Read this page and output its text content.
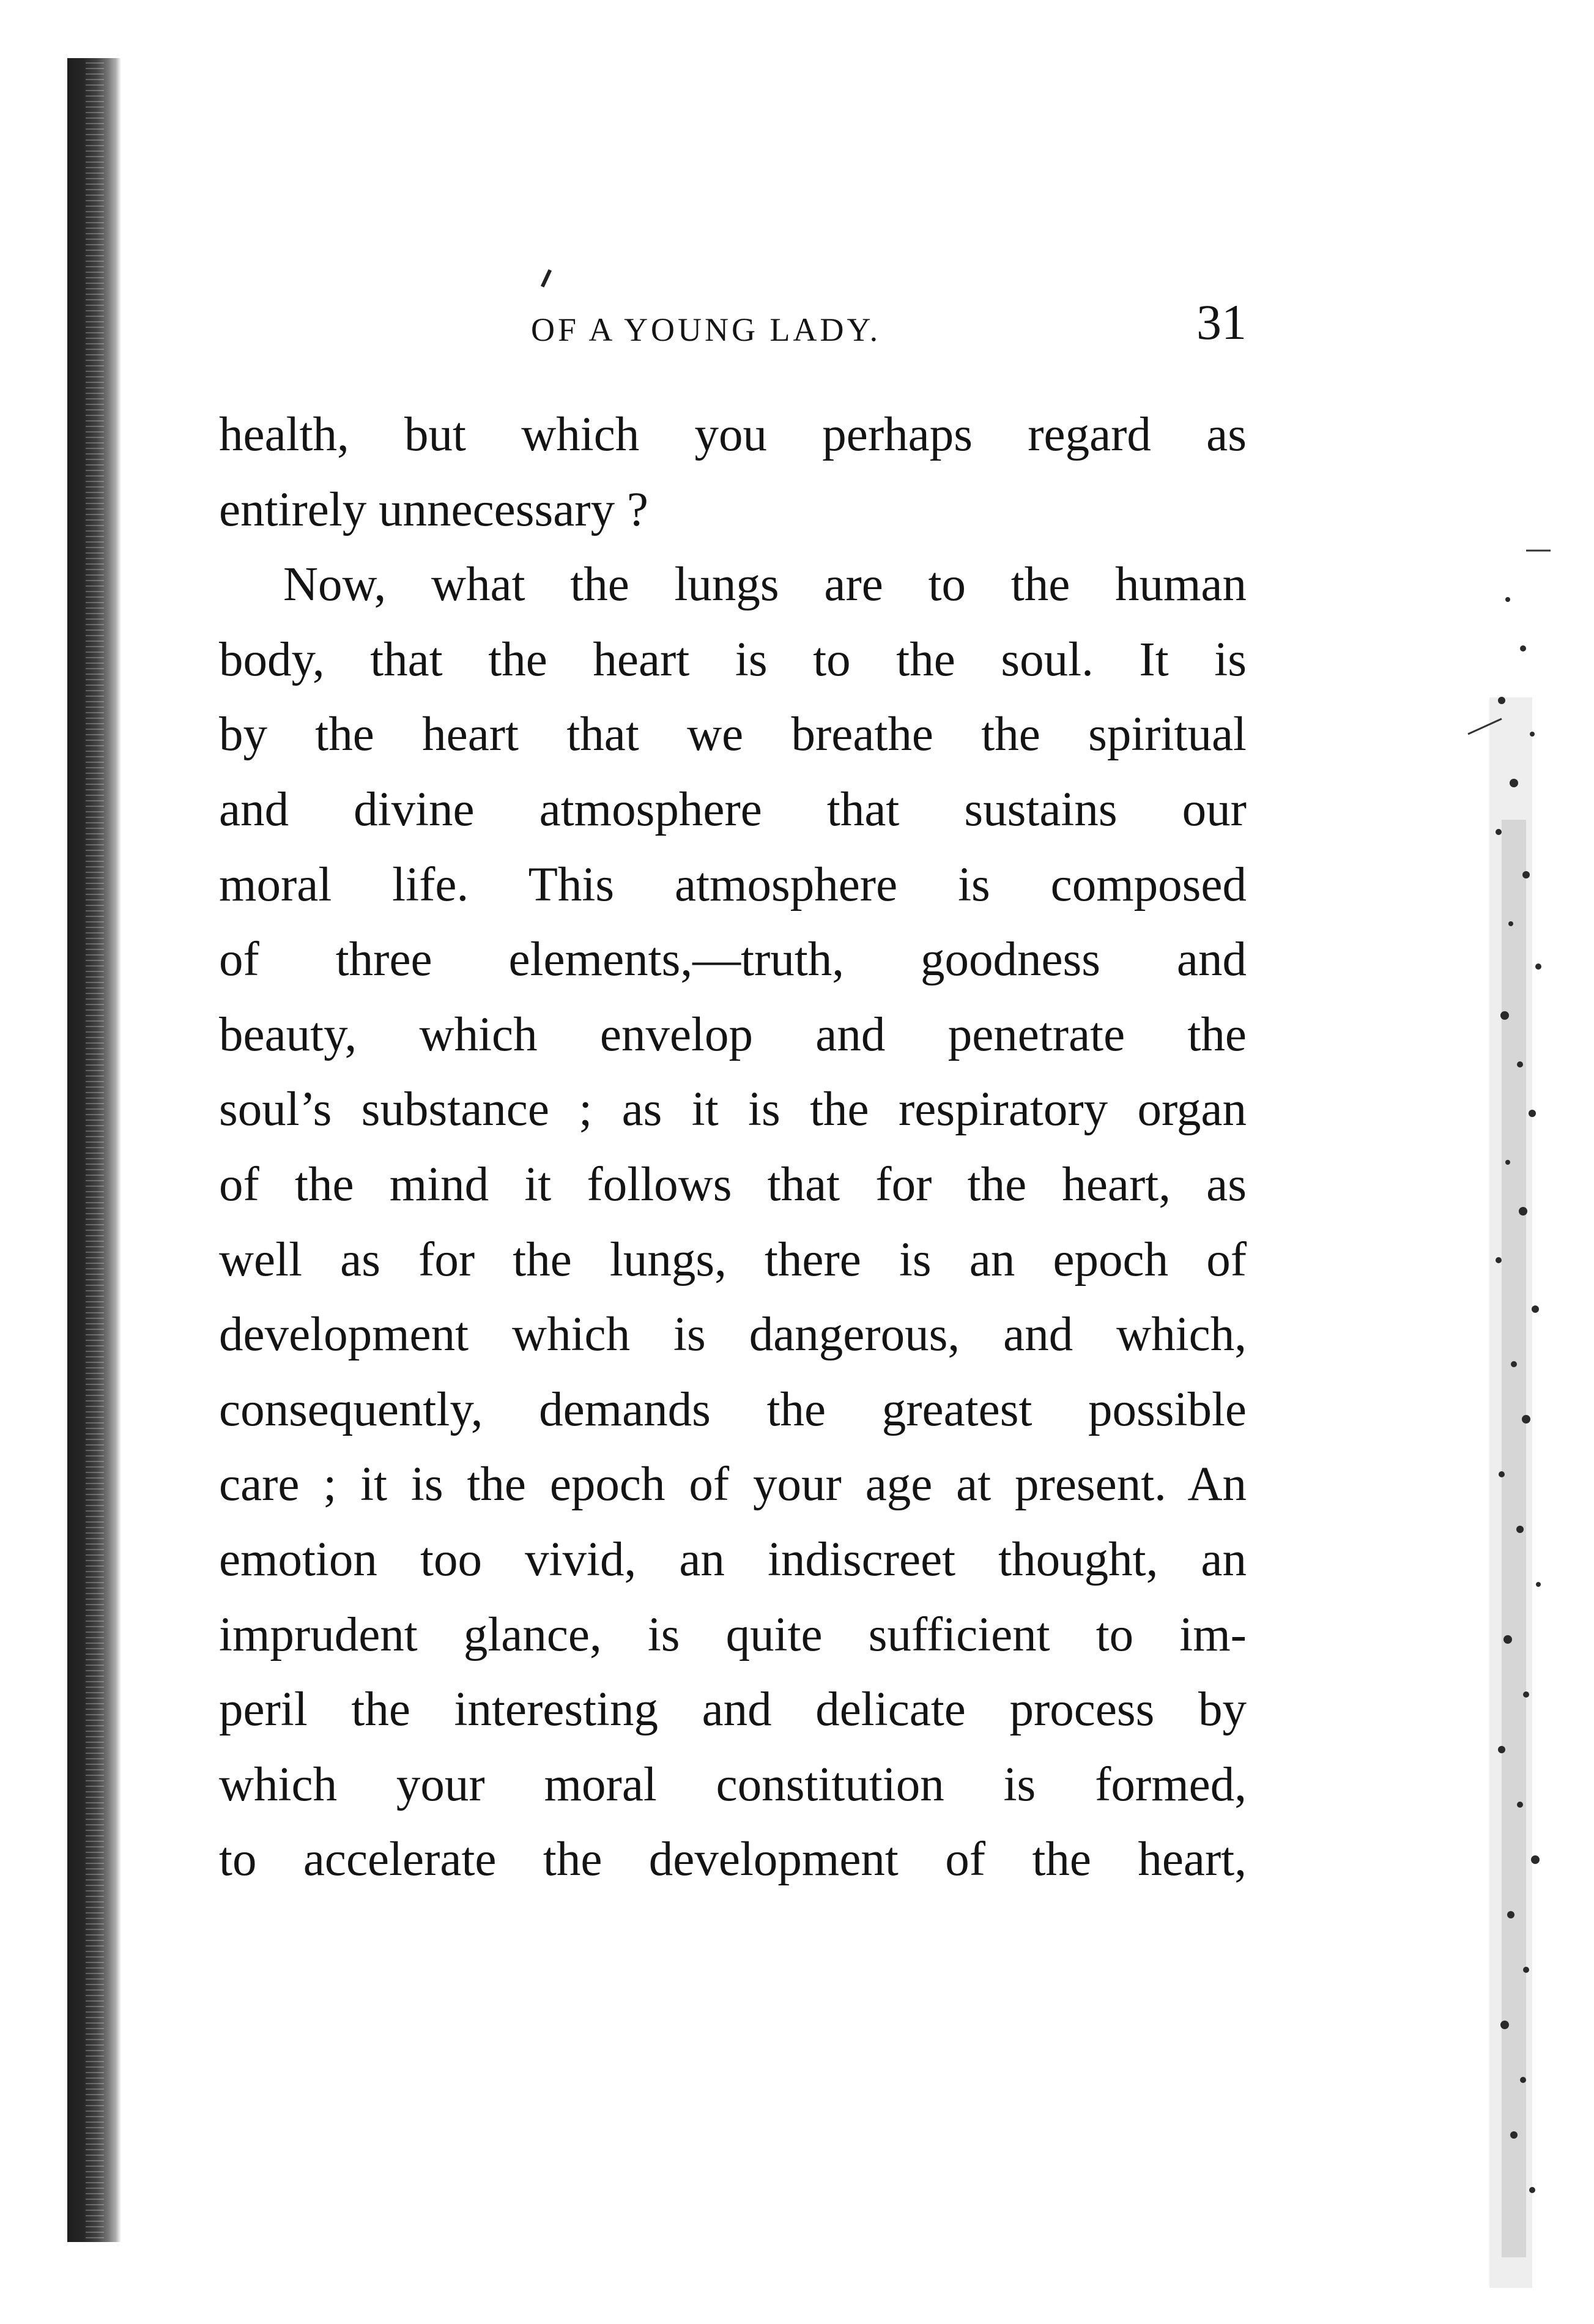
OF A YOUNG LADY.	31
health, but which you perhaps regard as
entirely unnecessary ?
Now, what the lungs are to the human
body, that the heart is to the soul. It is
by the heart that we breathe the spiritual
and divine atmosphere that sustains our
moral life. This atmosphere is composed
of three elements,—truth, goodness and
beauty, which envelop and penetrate the
soul’s substance ; as it is the respiratory organ
of the mind it follows that for the heart, as
well as for the lungs, there is an epoch of
development which is dangerous, and which,
consequently, demands the greatest possible
care ; it is the epoch of your age at present. An
emotion too vivid, an indiscreet thought, an
imprudent glance, is quite sufficient to im-
peril the interesting and delicate process by
which your moral constitution is formed,
to accelerate the development of the heart,
